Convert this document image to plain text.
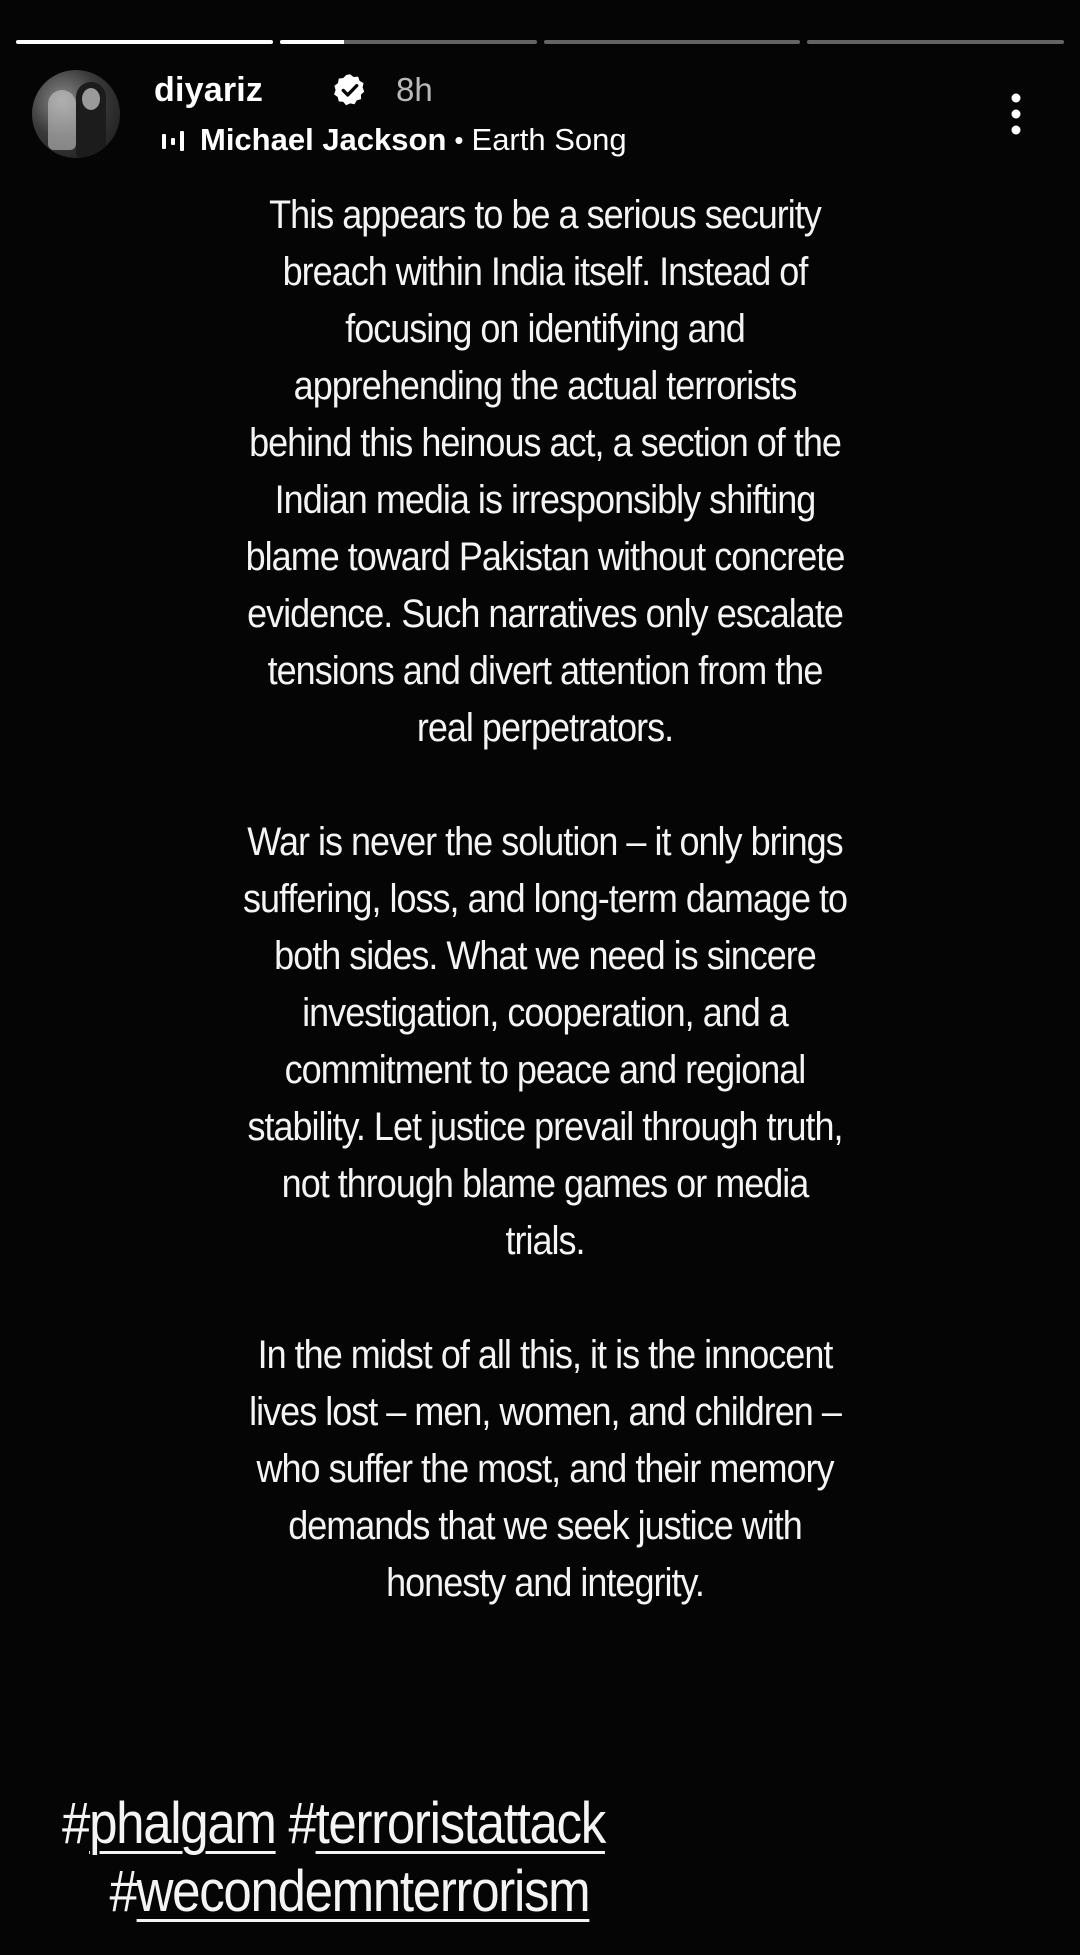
diyariz	8h
Michael Jackson • Earth Song

This appears to be a serious security breach within India itself. Instead of focusing on identifying and apprehending the actual terrorists behind this heinous act, a section of the Indian media is irresponsibly shifting blame toward Pakistan without concrete evidence. Such narratives only escalate tensions and divert attention from the real perpetrators.

War is never the solution – it only brings suffering, loss, and long-term damage to both sides. What we need is sincere investigation, cooperation, and a commitment to peace and regional stability. Let justice prevail through truth, not through blame games or media trials.

In the midst of all this, it is the innocent lives lost – men, women, and children – who suffer the most, and their memory demands that we seek justice with honesty and integrity.

#phalgam #terroristattack
#wecondemnterrorism
